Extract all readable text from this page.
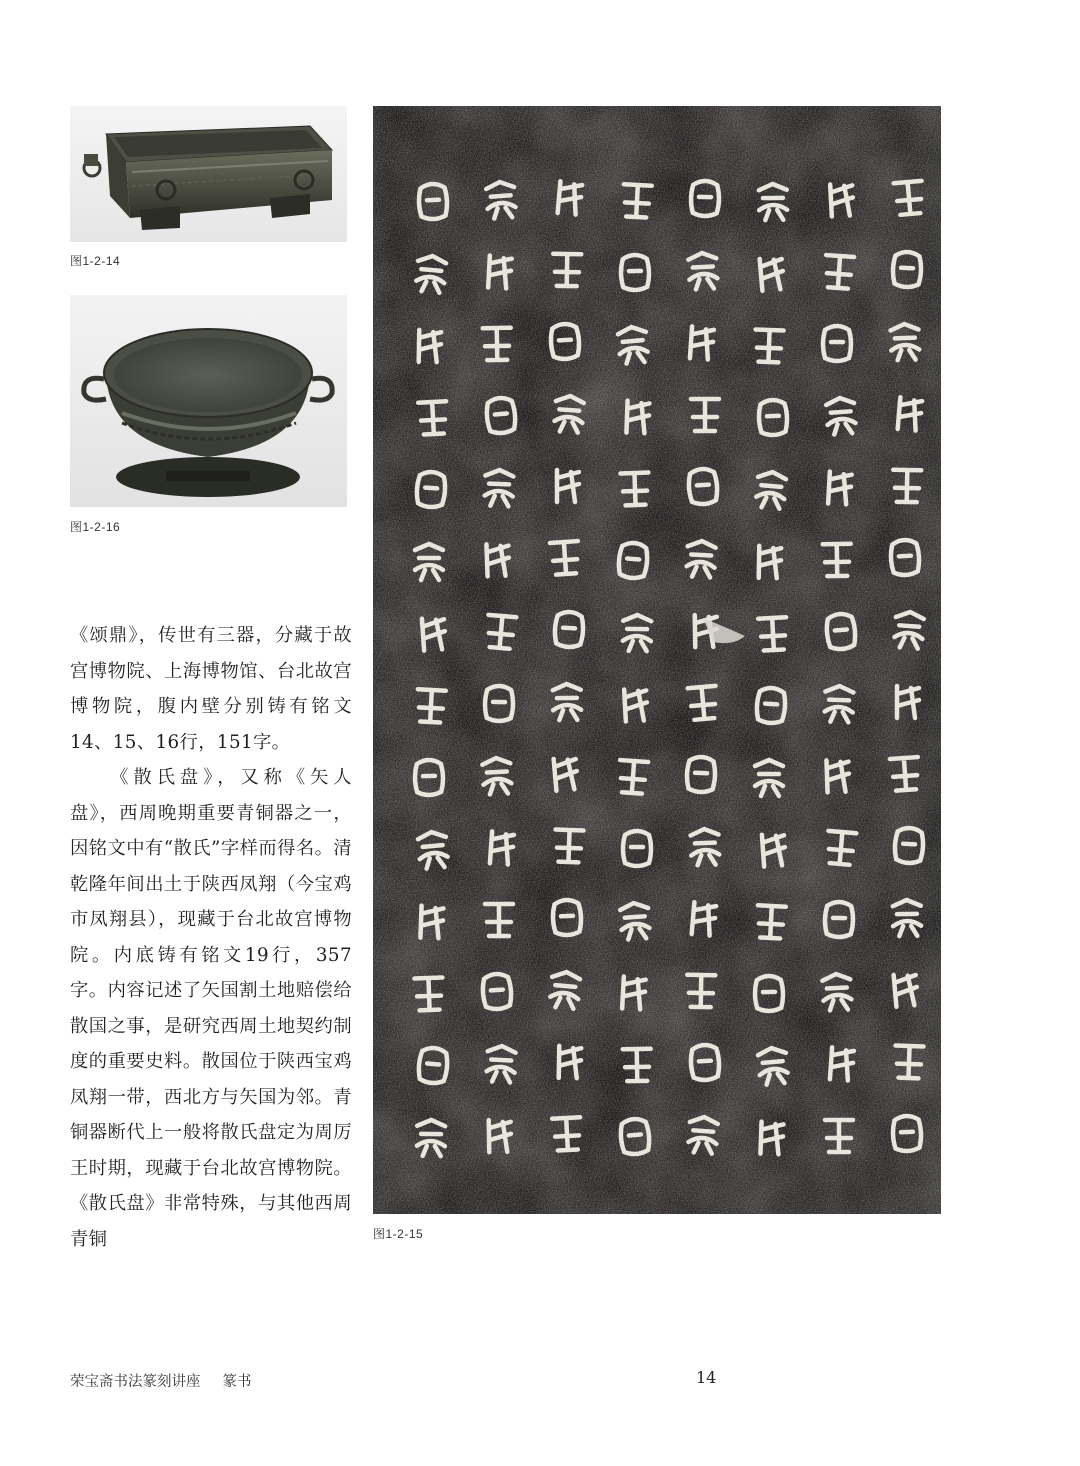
图1-2-14
图1-2-16
图1-2-15

《颂鼎》，传世有三器，分藏于故宫博物院、上海博物馆、台北故宫博物院，腹内壁分别铸有铭文14、15、16行，151字。

《散氏盘》，又称《矢人盘》，西周晚期重要青铜器之一，因铭文中有“散氏”字样而得名。清乾隆年间出土于陕西凤翔（今宝鸡市凤翔县），现藏于台北故宫博物院。内底铸有铭文19行，357字。内容记述了矢国割土地赔偿给散国之事，是研究西周土地契约制度的重要史料。散国位于陕西宝鸡凤翔一带，西北方与矢国为邻。青铜器断代上一般将散氏盘定为周厉王时期，现藏于台北故宫博物院。《散氏盘》非常特殊，与其他西周青铜

荣宝斋书法篆刻讲座 篆书	14
